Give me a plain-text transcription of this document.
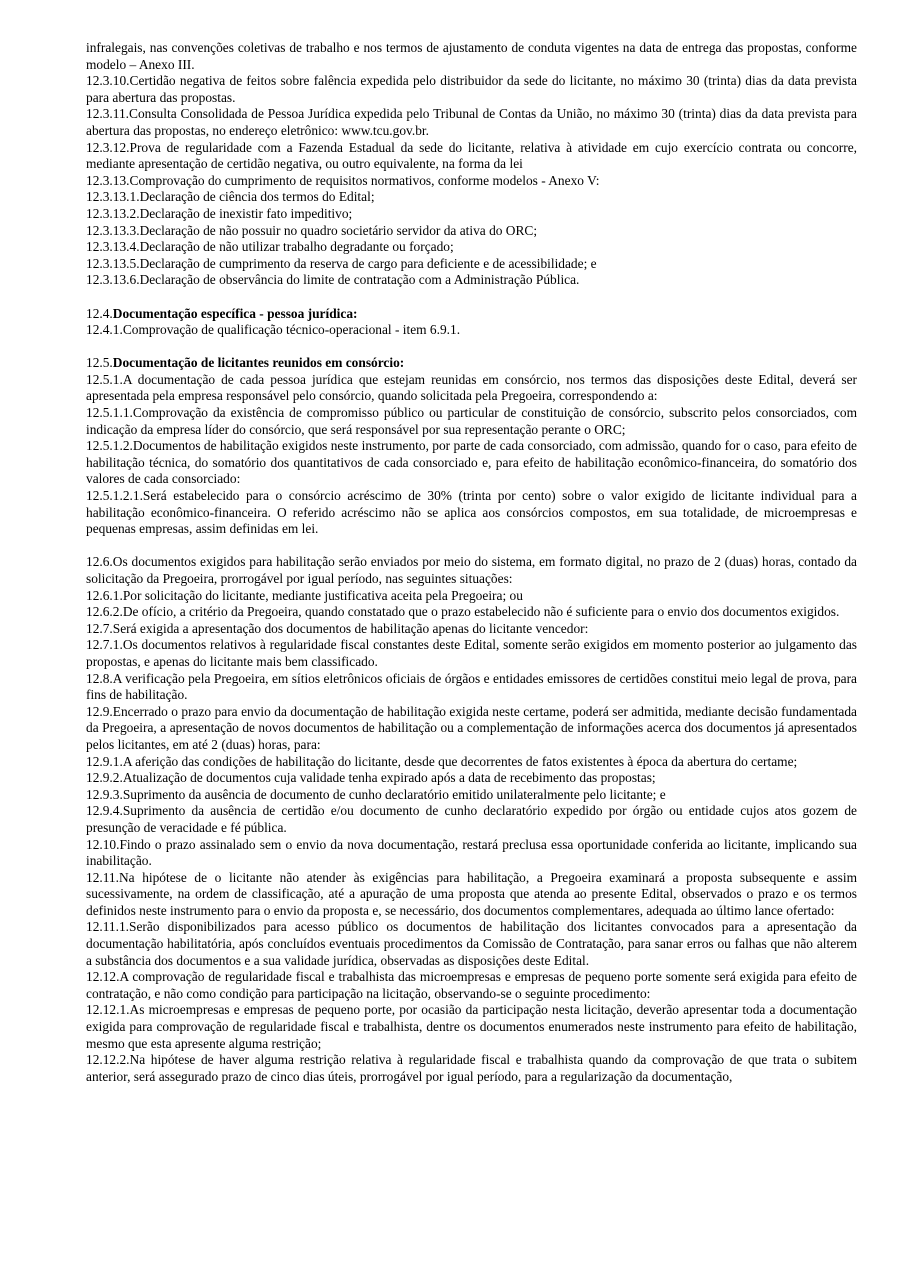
infralegais, nas convenções coletivas de trabalho e nos termos de ajustamento de conduta vigentes na data de entrega das propostas, conforme modelo – Anexo III.

12.3.10.Certidão negativa de feitos sobre falência expedida pelo distribuidor da sede do licitante, no máximo 30 (trinta) dias da data prevista para abertura das propostas.

12.3.11.Consulta Consolidada de Pessoa Jurídica expedida pelo Tribunal de Contas da União, no máximo 30 (trinta) dias da data prevista para abertura das propostas, no endereço eletrônico: www.tcu.gov.br.

12.3.12.Prova de regularidade com a Fazenda Estadual da sede do licitante, relativa à atividade em cujo exercício contrata ou concorre, mediante apresentação de certidão negativa, ou outro equivalente, na forma da lei

12.3.13.Comprovação do cumprimento de requisitos normativos, conforme modelos - Anexo V:

12.3.13.1.Declaração de ciência dos termos do Edital;

12.3.13.2.Declaração de inexistir fato impeditivo;

12.3.13.3.Declaração de não possuir no quadro societário servidor da ativa do ORC;

12.3.13.4.Declaração de não utilizar trabalho degradante ou forçado;

12.3.13.5.Declaração de cumprimento da reserva de cargo para deficiente e de acessibilidade; e

12.3.13.6.Declaração de observância do limite de contratação com a Administração Pública.

12.4.Documentação específica - pessoa jurídica:

12.4.1.Comprovação de qualificação técnico-operacional - item 6.9.1.

12.5.Documentação de licitantes reunidos em consórcio:

12.5.1.A documentação de cada pessoa jurídica que estejam reunidas em consórcio, nos termos das disposições deste Edital, deverá ser apresentada pela empresa responsável pelo consórcio, quando solicitada pela Pregoeira, correspondendo a:

12.5.1.1.Comprovação da existência de compromisso público ou particular de constituição de consórcio, subscrito pelos consorciados, com indicação da empresa líder do consórcio, que será responsável por sua representação perante o ORC;

12.5.1.2.Documentos de habilitação exigidos neste instrumento, por parte de cada consorciado, com admissão, quando for o caso, para efeito de habilitação técnica, do somatório dos quantitativos de cada consorciado e, para efeito de habilitação econômico-financeira, do somatório dos valores de cada consorciado:

12.5.1.2.1.Será estabelecido para o consórcio acréscimo de 30% (trinta por cento) sobre o valor exigido de licitante individual para a habilitação econômico-financeira. O referido acréscimo não se aplica aos consórcios compostos, em sua totalidade, de microempresas e pequenas empresas, assim definidas em lei.

12.6.Os documentos exigidos para habilitação serão enviados por meio do sistema, em formato digital, no prazo de 2 (duas) horas, contado da solicitação da Pregoeira, prorrogável por igual período, nas seguintes situações:

12.6.1.Por solicitação do licitante, mediante justificativa aceita pela Pregoeira; ou

12.6.2.De ofício, a critério da Pregoeira, quando constatado que o prazo estabelecido não é suficiente para o envio dos documentos exigidos.

12.7.Será exigida a apresentação dos documentos de habilitação apenas do licitante vencedor:

12.7.1.Os documentos relativos à regularidade fiscal constantes deste Edital, somente serão exigidos em momento posterior ao julgamento das propostas, e apenas do licitante mais bem classificado.

12.8.A verificação pela Pregoeira, em sítios eletrônicos oficiais de órgãos e entidades emissores de certidões constitui meio legal de prova, para fins de habilitação.

12.9.Encerrado o prazo para envio da documentação de habilitação exigida neste certame, poderá ser admitida, mediante decisão fundamentada da Pregoeira, a apresentação de novos documentos de habilitação ou a complementação de informações acerca dos documentos já apresentados pelos licitantes, em até 2 (duas) horas, para:

12.9.1.A aferição das condições de habilitação do licitante, desde que decorrentes de fatos existentes à época da abertura do certame;

12.9.2.Atualização de documentos cuja validade tenha expirado após a data de recebimento das propostas;

12.9.3.Suprimento da ausência de documento de cunho declaratório emitido unilateralmente pelo licitante; e

12.9.4.Suprimento da ausência de certidão e/ou documento de cunho declaratório expedido por órgão ou entidade cujos atos gozem de presunção de veracidade e fé pública.

12.10.Findo o prazo assinalado sem o envio da nova documentação, restará preclusa essa oportunidade conferida ao licitante, implicando sua inabilitação.

12.11.Na hipótese de o licitante não atender às exigências para habilitação, a Pregoeira examinará a proposta subsequente e assim sucessivamente, na ordem de classificação, até a apuração de uma proposta que atenda ao presente Edital, observados o prazo e os termos definidos neste instrumento para o envio da proposta e, se necessário, dos documentos complementares, adequada ao último lance ofertado:

12.11.1.Serão disponibilizados para acesso público os documentos de habilitação dos licitantes convocados para a apresentação da documentação habilitatória, após concluídos eventuais procedimentos da Comissão de Contratação, para sanar erros ou falhas que não alterem a substância dos documentos e a sua validade jurídica, observadas as disposições deste Edital.

12.12.A comprovação de regularidade fiscal e trabalhista das microempresas e empresas de pequeno porte somente será exigida para efeito de contratação, e não como condição para participação na licitação, observando-se o seguinte procedimento:

12.12.1.As microempresas e empresas de pequeno porte, por ocasião da participação nesta licitação, deverão apresentar toda a documentação exigida para comprovação de regularidade fiscal e trabalhista, dentre os documentos enumerados neste instrumento para efeito de habilitação, mesmo que esta apresente alguma restrição;

12.12.2.Na hipótese de haver alguma restrição relativa à regularidade fiscal e trabalhista quando da comprovação de que trata o subitem anterior, será assegurado prazo de cinco dias úteis, prorrogável por igual período, para a regularização da documentação,
